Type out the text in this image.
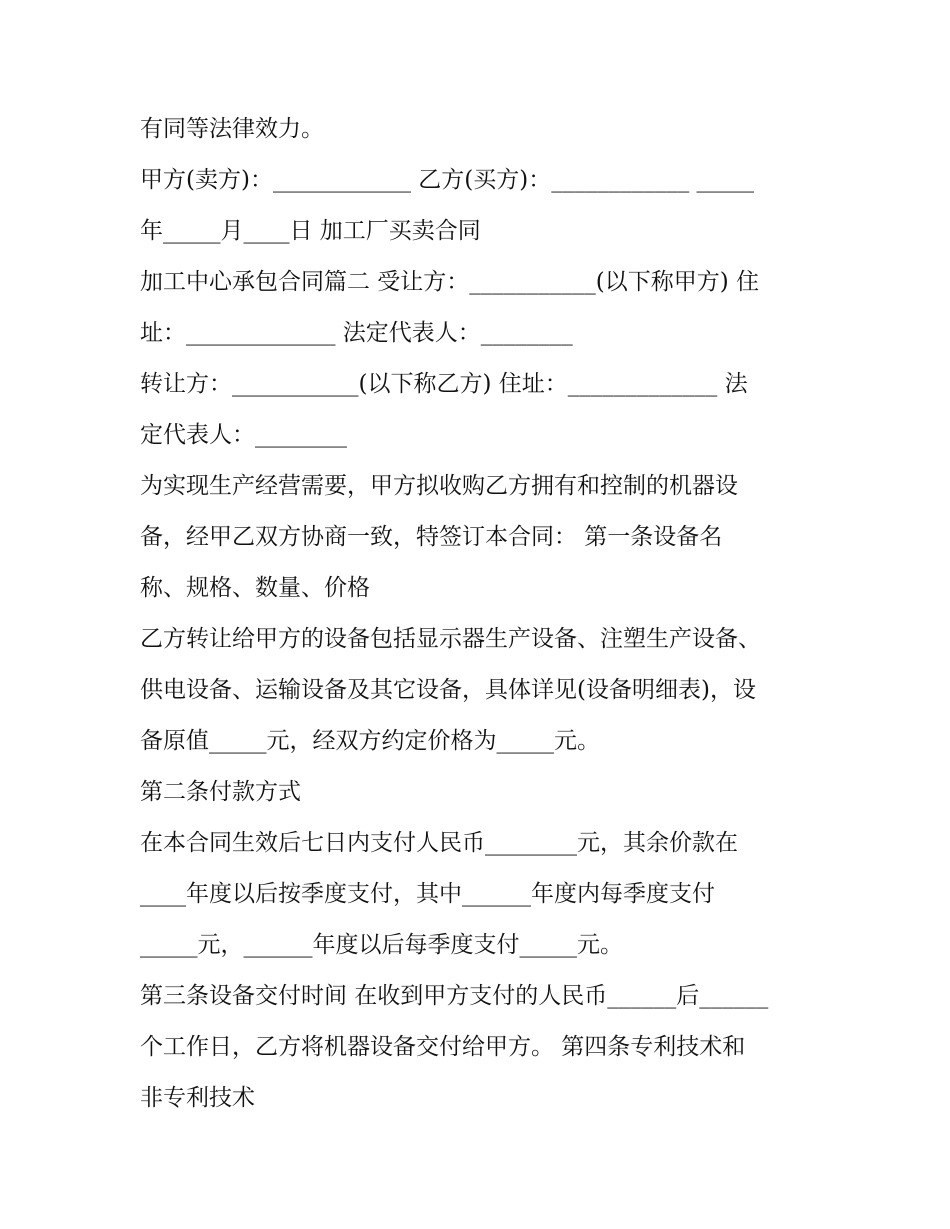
有同等法律效力。

甲方(卖方)：____________ 乙方(买方)：____________ _____

年_____月____日 加工厂买卖合同

加工中心承包合同篇二 受让方：___________(以下称甲方) 住

址：_____________ 法定代表人：________

转让方：___________(以下称乙方) 住址：_____________ 法

定代表人：________

为实现生产经营需要，甲方拟收购乙方拥有和控制的机器设

备，经甲乙双方协商一致，特签订本合同： 第一条设备名

称、规格、数量、价格

乙方转让给甲方的设备包括显示器生产设备、注塑生产设备、

供电设备、运输设备及其它设备，具体详见(设备明细表)，设

备原值_____元，经双方约定价格为_____元。

第二条付款方式

在本合同生效后七日内支付人民币________元，其余价款在

____年度以后按季度支付，其中______年度内每季度支付

_____元，______年度以后每季度支付_____元。

第三条设备交付时间 在收到甲方支付的人民币______后______

个工作日，乙方将机器设备交付给甲方。 第四条专利技术和

非专利技术
